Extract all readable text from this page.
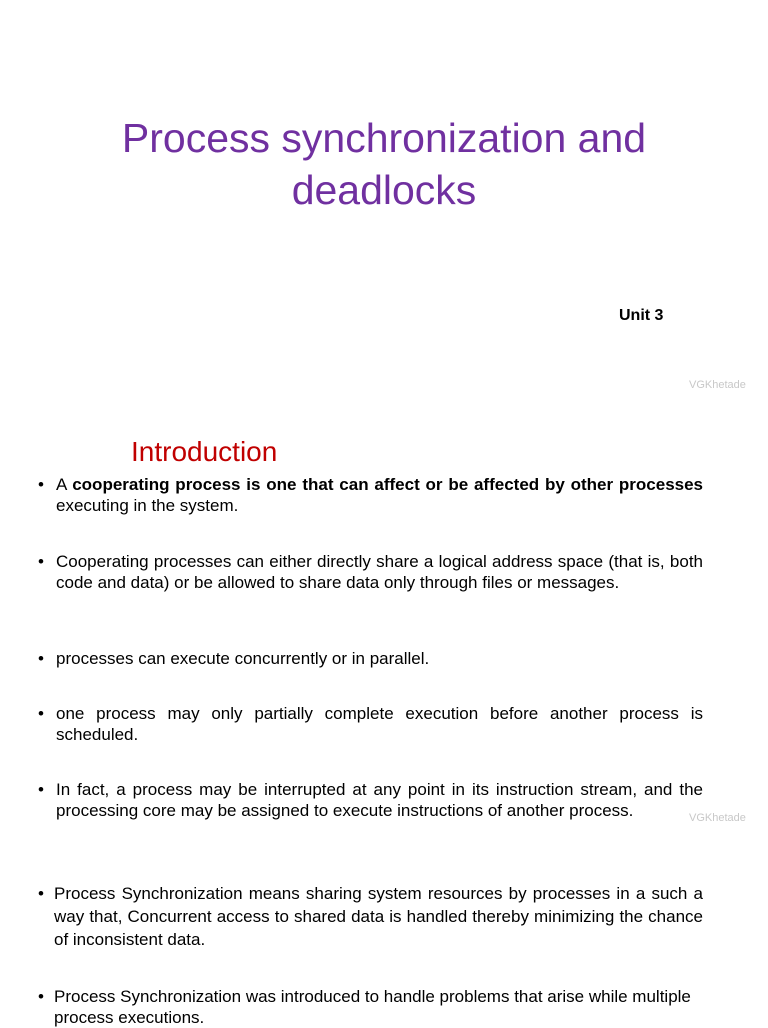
Process synchronization and
deadlocks
Unit 3
VGKhetade
Introduction
VGKhetade
• A cooperating process is one that can affect or be affected by other processes executing in the system.
• Cooperating processes can either directly share a logical address space (that is, both code and data) or be allowed to share data only through files or messages.
• processes can execute concurrently or in parallel.
• one process may only partially complete execution before another process is scheduled.
• In fact, a process may be interrupted at any point in its instruction stream, and the processing core may be assigned to execute instructions of another process.
• Process Synchronization means sharing system resources by processes in a such a way that, Concurrent access to shared data is handled thereby minimizing the chance of inconsistent data.
• Process Synchronization was introduced to handle problems that arise while multiple process executions.
